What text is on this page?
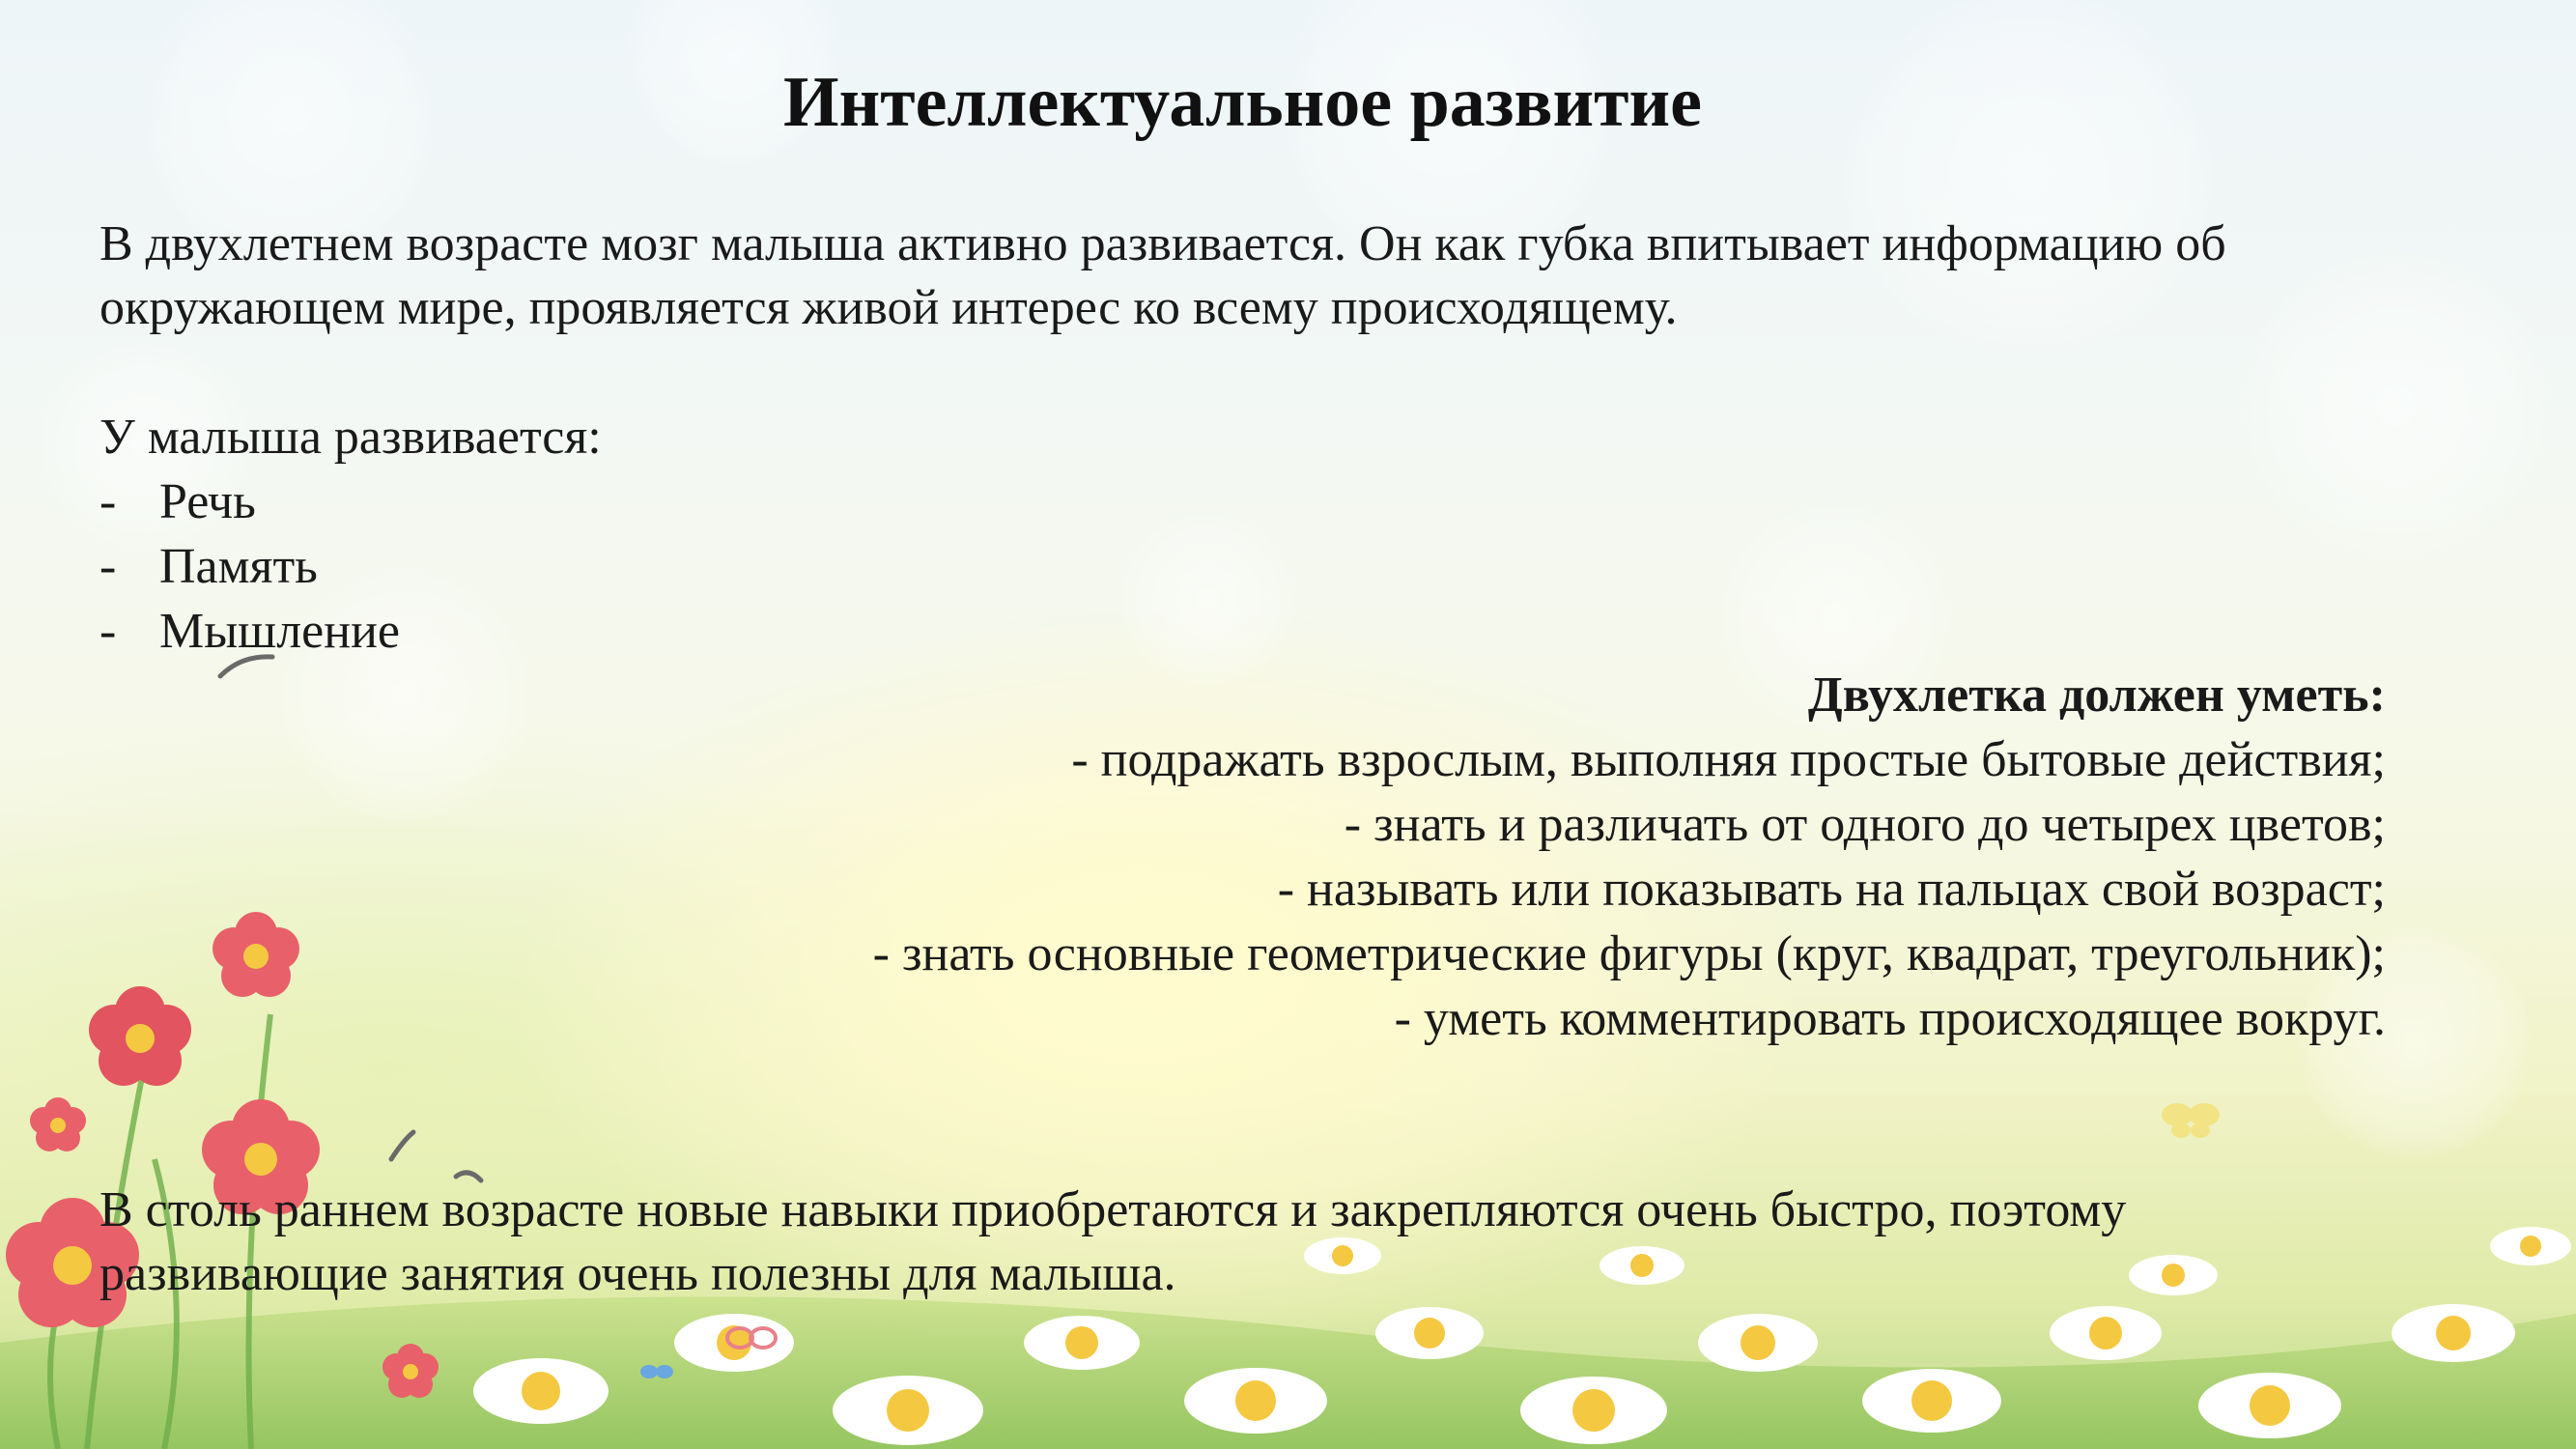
Интеллектуальное развитие

В двухлетнем возрасте мозг малыша активно развивается. Он как губка впитывает информацию об

окружающем мире, проявляется живой интерес ко всему происходящему.

У малыша развивается:
- Речь
- Память
- Мышление
Двухлетка должен уметь:
- подражать взрослым, выполняя простые бытовые действия;
- знать и различать от одного до четырех цветов;
- называть или показывать на пальцах свой возраст;
- знать основные геометрические фигуры (круг, квадрат, треугольник);
- уметь комментировать происходящее вокруг.
В столь раннем возрасте новые навыки приобретаются и закрепляются очень быстро, поэтому
развивающие занятия очень полезны для малыша.
